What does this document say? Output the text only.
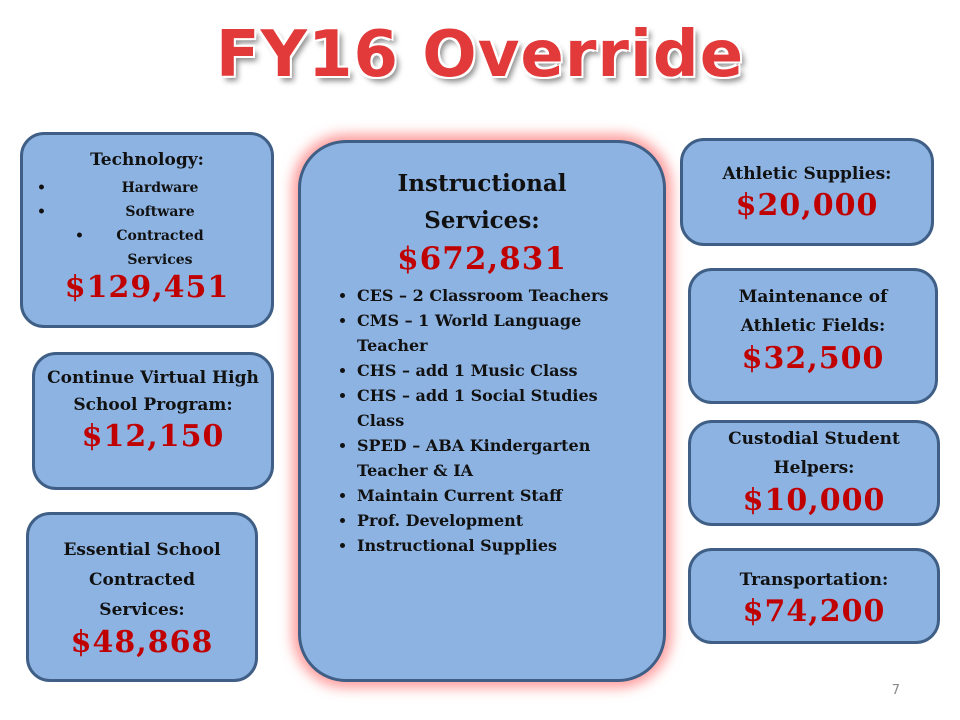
FY16 Override
Technology:
• Hardware
• Software
• Contracted Services
$129,451
Continue Virtual High School Program:
$12,150
Essential School Contracted Services:
$48,868
Instructional Services:
$672,831
• CES – 2 Classroom Teachers
• CMS – 1 World Language Teacher
• CHS – add 1 Music Class
• CHS – add 1 Social Studies Class
• SPED – ABA Kindergarten Teacher & IA
• Maintain Current Staff
• Prof. Development
• Instructional Supplies
Athletic Supplies:
$20,000
Maintenance of Athletic Fields:
$32,500
Custodial Student Helpers:
$10,000
Transportation:
$74,200
7
